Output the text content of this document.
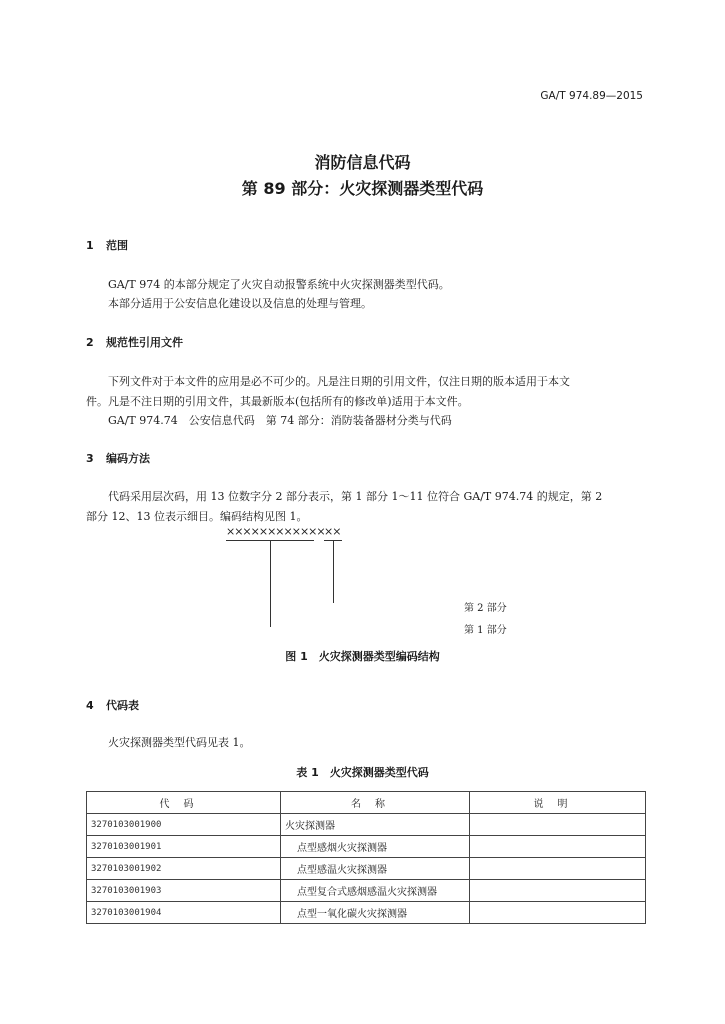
GA/T 974.89—2015
消防信息代码
第 89 部分：火灾探测器类型代码
1 范围
GA/T 974 的本部分规定了火灾自动报警系统中火灾探测器类型代码。
本部分适用于公安信息化建设以及信息的处理与管理。
2 规范性引用文件
下列文件对于本文件的应用是必不可少的。凡是注日期的引用文件，仅注日期的版本适用于本文
件。凡是不注日期的引用文件，其最新版本(包括所有的修改单)适用于本文件。
GA/T 974.74　公安信息代码　第 74 部分：消防装备器材分类与代码
3 编码方法
代码采用层次码，用 13 位数字分 2 部分表示，第 1 部分 1～11 位符合 GA/T 974.74 的规定，第 2
部分 12、13 位表示细目。编码结构见图 1。
×××××××××××× ××
第 2 部分
第 1 部分
图 1　火灾探测器类型编码结构
4 代码表
火灾探测器类型代码见表 1。
表 1　火灾探测器类型代码
代码	名称	说明
3270103001900	火灾探测器	
3270103001901	点型感烟火灾探测器	
3270103001902	点型感温火灾探测器	
3270103001903	点型复合式感烟感温火灾探测器	
3270103001904	点型一氧化碳火灾探测器	
